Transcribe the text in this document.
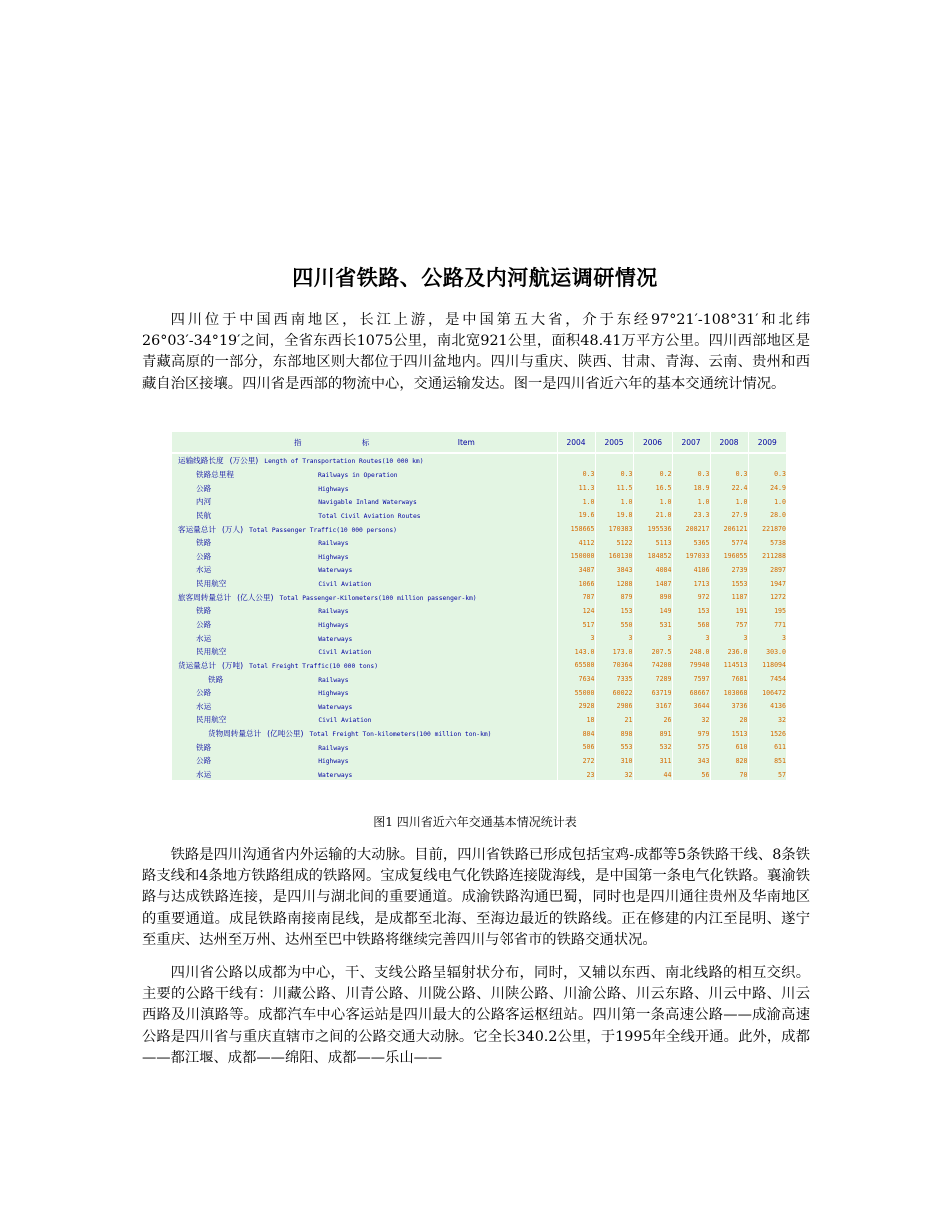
四川省铁路、公路及内河航运调研情况

四川位于中国西南地区，长江上游，是中国第五大省，介于东经97°21′-108°31′和北纬26°03′-34°19′之间，全省东西长1075公里，南北宽921公里，面积48.41万平方公里。四川西部地区是青藏高原的一部分，东部地区则大都位于四川盆地内。四川与重庆、陕西、甘肃、青海、云南、贵州和西藏自治区接壤。四川省是西部的物流中心，交通运输发达。图一是四川省近六年的基本交通统计情况。

指 标 Item	2004	2005	2006	2007	2008	2009
运输线路长度 (万公里) Length of Transportation Routes(10 000 km)						
铁路总里程 Railways in Operation	0.3	0.3	0.2	0.3	0.3	0.3
公路 Highways	11.3	11.5	16.5	18.9	22.4	24.9
内河 Navigable Inland Waterways	1.0	1.0	1.0	1.0	1.0	1.0
民航 Total Civil Aviation Routes	19.6	19.8	21.0	23.3	27.9	28.0
客运量总计 (万人) Total Passenger Traffic(10 000 persons)	158665	170383	195536	208217	206121	221870
铁路 Railways	4112	5122	5113	5365	5774	5738
公路 Highways	150000	160130	184852	197033	196055	211288
水运 Waterways	3487	3843	4084	4106	2739	2897
民用航空 Civil Aviation	1066	1288	1487	1713	1553	1947
旅客周转量总计 (亿人公里) Total Passenger-Kilometers(100 million passenger-km)	787	879	890	972	1187	1272
铁路 Railways	124	153	149	153	191	195
公路 Highways	517	550	531	568	757	771
水运 Waterways	3	3	3	3	3	3
民用航空 Civil Aviation	143.0	173.0	207.5	248.0	236.0	303.0
货运量总计 (万吨) Total Freight Traffic(10 000 tons)	65580	70364	74200	79940	114513	118094
铁路 Railways	7634	7335	7289	7597	7681	7454
公路 Highways	55000	60022	63719	68667	103068	106472
水运 Waterways	2928	2986	3167	3644	3736	4136
民用航空 Civil Aviation	18	21	26	32	28	32
货物周转量总计 (亿吨公里) Total Freight Ton-kilometers(100 million ton-km)	804	898	891	979	1513	1526
铁路 Railways	506	553	532	575	610	611
公路 Highways	272	310	311	343	828	851
水运 Waterways	23	32	44	56	70	57

图1 四川省近六年交通基本情况统计表

铁路是四川沟通省内外运输的大动脉。目前，四川省铁路已形成包括宝鸡-成都等5条铁路干线、8条铁路支线和4条地方铁路组成的铁路网。宝成复线电气化铁路连接陇海线，是中国第一条电气化铁路。襄渝铁路与达成铁路连接，是四川与湖北间的重要通道。成渝铁路沟通巴蜀，同时也是四川通往贵州及华南地区的重要通道。成昆铁路南接南昆线，是成都至北海、至海边最近的铁路线。正在修建的内江至昆明、遂宁至重庆、达州至万州、达州至巴中铁路将继续完善四川与邻省市的铁路交通状况。

四川省公路以成都为中心，干、支线公路呈辐射状分布，同时，又辅以东西、南北线路的相互交织。主要的公路干线有：川藏公路、川青公路、川陇公路、川陕公路、川渝公路、川云东路、川云中路、川云西路及川滇路等。成都汽车中心客运站是四川最大的公路客运枢纽站。四川第一条高速公路——成渝高速公路是四川省与重庆直辖市之间的公路交通大动脉。它全长340.2公里，于1995年全线开通。此外，成都——都江堰、成都——绵阳、成都——乐山——
